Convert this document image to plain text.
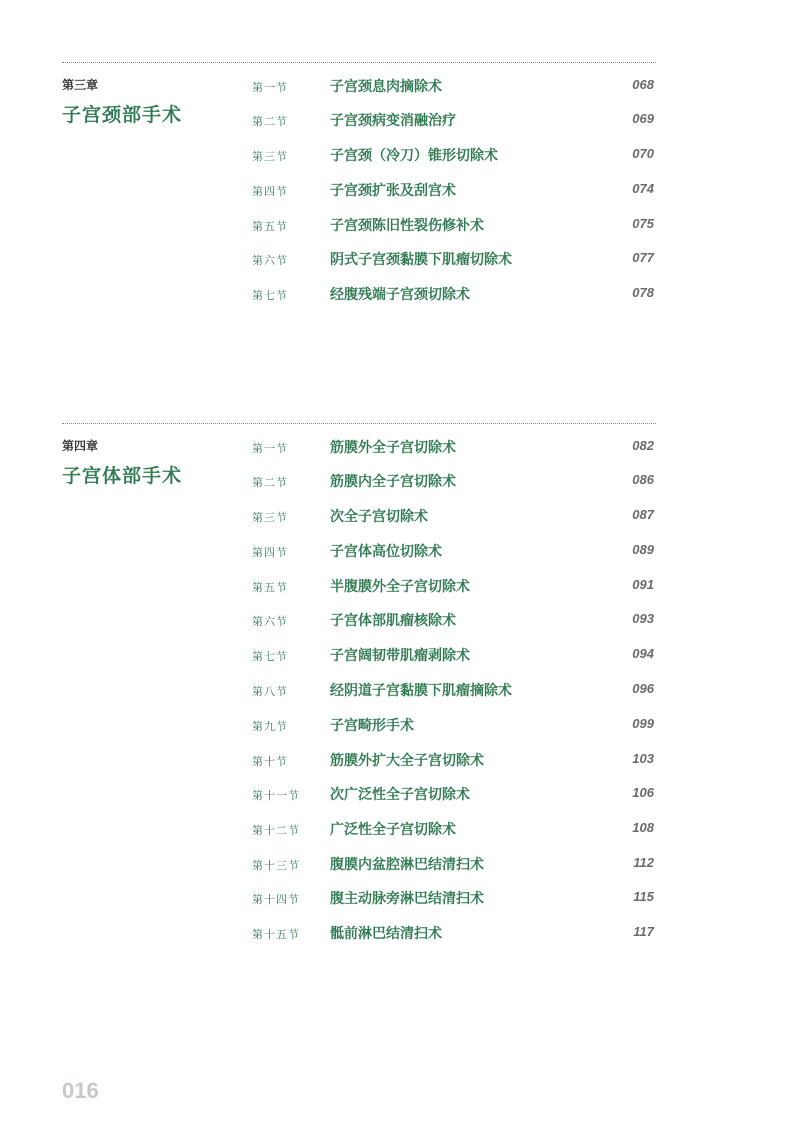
第三章
子宫颈部手术
第一节	子宫颈息肉摘除术	068
第二节	子宫颈病变消融治疗	069
第三节	子宫颈（冷刀）锥形切除术	070
第四节	子宫颈扩张及刮宫术	074
第五节	子宫颈陈旧性裂伤修补术	075
第六节	阴式子宫颈黏膜下肌瘤切除术	077
第七节	经腹残端子宫颈切除术	078
第四章
子宫体部手术
第一节	筋膜外全子宫切除术	082
第二节	筋膜内全子宫切除术	086
第三节	次全子宫切除术	087
第四节	子宫体高位切除术	089
第五节	半腹膜外全子宫切除术	091
第六节	子宫体部肌瘤核除术	093
第七节	子宫阔韧带肌瘤剥除术	094
第八节	经阴道子宫黏膜下肌瘤摘除术	096
第九节	子宫畸形手术	099
第十节	筋膜外扩大全子宫切除术	103
第十一节 次广泛性全子宫切除术	106
第十二节 广泛性全子宫切除术	108
第十三节 腹膜内盆腔淋巴结清扫术	112
第十四节 腹主动脉旁淋巴结清扫术	115
第十五节 骶前淋巴结清扫术	117
016
